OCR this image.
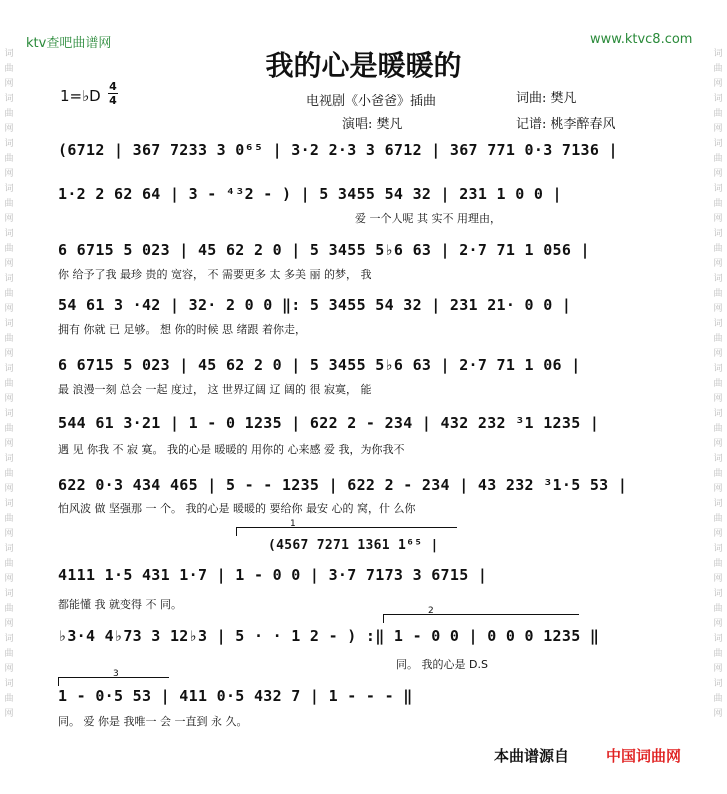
ktv查吧曲谱网	www.ktvc8.com
我的心是暖暖的
词
曲
网
词
曲
网
词
曲
网
词
曲
网
词
曲
网
词
曲
网
词
曲
网
词
曲
网
词
曲
网
词
曲
网
词
曲
网
词
曲
网
词
曲
网
词
曲
网
词
曲
网
词
曲
网
词
曲
网
词
曲
网
词
曲
网
词
曲
网
词
曲
网
词
曲
网
词
曲
网
词
曲
网
词
曲
网
词
曲
网
词
曲
网
词
曲
网
词
曲
网
词
曲
网
1=♭D
4
4	电视剧《小爸爸》插曲	词曲: 樊凡
演唱: 樊凡	记谱: 桃李醉春风
(6712 | 367 7233 3 0⁶⁵ | 3·2 2·3 3 6712 | 367 771 0·3 7136 |
1·2 2 62 64 | 3 - ⁴³2 - ) | 5 3455 54 32 | 231 1 0 0 |
爱 一个人呢 其 实不 用理由，
6 6715 5 023 | 45 62 2 0 | 5 3455 5♭6 63 | 2·7 71 1 056 |
你 给予了我 最珍 贵的 宽容， 不 需要更多 太 多美 丽 的梦， 我
54 61 3 ·42 | 32· 2 0 0 ‖: 5 3455 54 32 | 231 21· 0 0 |
拥有 你就 已 足够。 想 你的时候 思 绪跟 着你走，
6 6715 5 023 | 45 62 2 0 | 5 3455 5♭6 63 | 2·7 71 1 06 |
最 浪漫一刻 总会 一起 度过， 这 世界辽阔 辽 阔的 很 寂寞， 能
544 61 3·21 | 1 - 0 1235 | 622 2 - 234 | 432 232 ³1 1235 |
遇 见 你我 不 寂 寞。 我的心是 暖暖的 用你的 心来感 爱 我，为你我不
622 0·3 434 465 | 5 - - 1235 | 622 2 - 234 | 43 232 ³1·5 53 |
怕风波 做 坚强那 一 个。 我的心是 暖暖的 要给你 最安 心的 窝，什 么你
1
(4567 7271 1361 1⁶⁵ |
4111 1·5 431 1·7 | 1 - 0 0 | 3·7 7173 3 6715 |
都能懂 我 就变得 不 同。	2
♭3·4 4♭73 3 12♭3 | 5 · · 1 2 - ) :‖ 1 - 0 0 | 0 0 0 1235 ‖
同。 我的心是 D.S
3
1 - 0·5 53 | 411 0·5 432 7 | 1 - - - ‖
同。 爱 你是 我唯一 会 一直到 永 久。
本曲谱源自 中国词曲网
